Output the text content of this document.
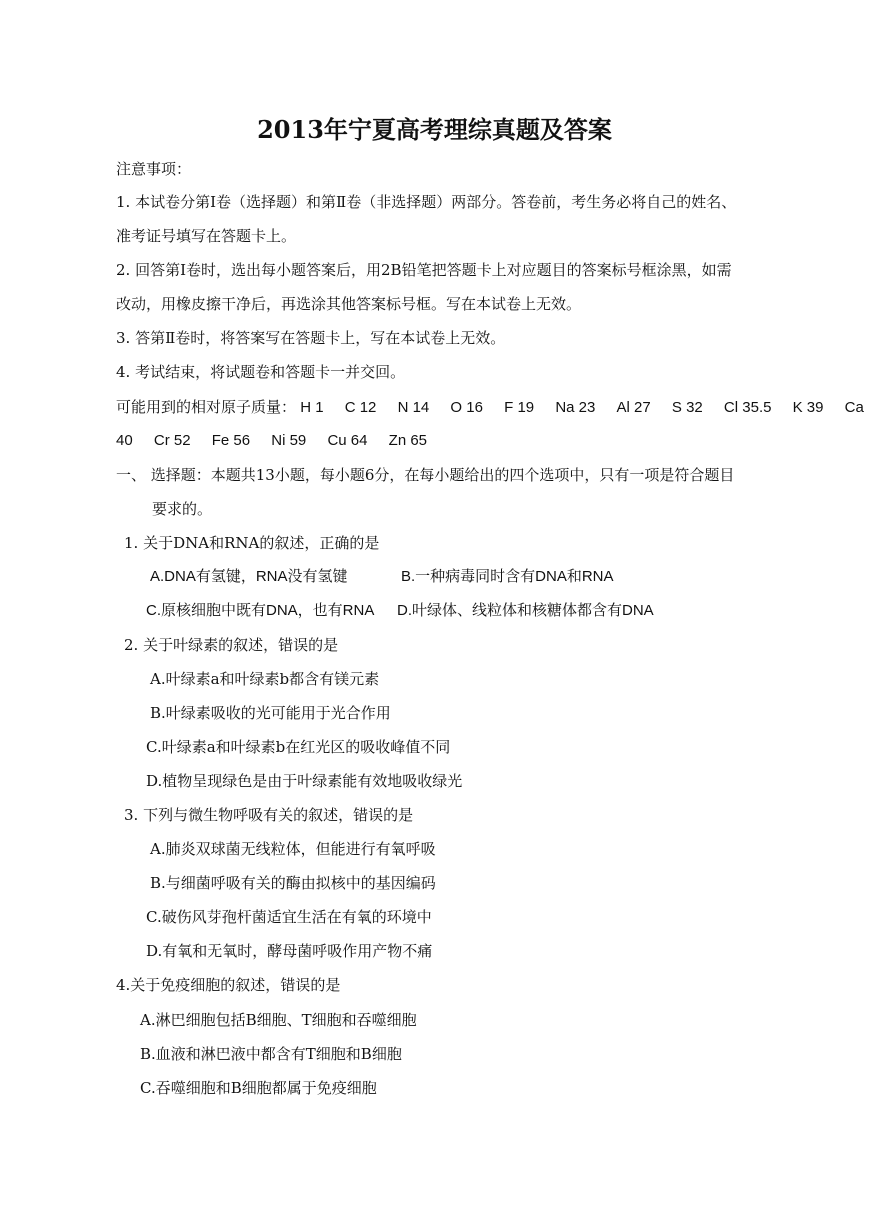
2013年宁夏高考理综真题及答案

注意事项：

1. 本试卷分第Ⅰ卷（选择题）和第Ⅱ卷（非选择题）两部分。答卷前，考生务必将自己的姓名、

准考证号填写在答题卡上。

2. 回答第Ⅰ卷时，选出每小题答案后，用2B铅笔把答题卡上对应题目的答案标号框涂黑，如需

改动，用橡皮擦干净后，再选涂其他答案标号框。写在本试卷上无效。

3. 答第Ⅱ卷时，将答案写在答题卡上，写在本试卷上无效。

4. 考试结束，将试题卷和答题卡一并交回。

可能用到的相对原子质量： H 1 C 12 N 14 O 16 F 19 Na 23 Al 27 S 32 Cl 35.5 K 39 Ca

40 Cr 52 Fe 56 Ni 59 Cu 64 Zn 65

一、 选择题：本题共13小题，每小题6分，在每小题给出的四个选项中，只有一项是符合题目

要求的。

1. 关于DNA和RNA的叙述，正确的是

A.DNA有氢键，RNA没有氢键	B.一种病毒同时含有DNA和RNA

C.原核细胞中既有DNA，也有RNA D.叶绿体、线粒体和核糖体都含有DNA

2. 关于叶绿素的叙述，错误的是

A.叶绿素a和叶绿素b都含有镁元素

B.叶绿素吸收的光可能用于光合作用

C.叶绿素a和叶绿素b在红光区的吸收峰值不同

D.植物呈现绿色是由于叶绿素能有效地吸收绿光

3. 下列与微生物呼吸有关的叙述，错误的是

A.肺炎双球菌无线粒体，但能进行有氧呼吸

B.与细菌呼吸有关的酶由拟核中的基因编码

C.破伤风芽孢杆菌适宜生活在有氧的环境中

D.有氧和无氧时，酵母菌呼吸作用产物不痛

4.关于免疫细胞的叙述，错误的是

A.淋巴细胞包括B细胞、T细胞和吞噬细胞

B.血液和淋巴液中都含有T细胞和B细胞

C.吞噬细胞和B细胞都属于免疫细胞
